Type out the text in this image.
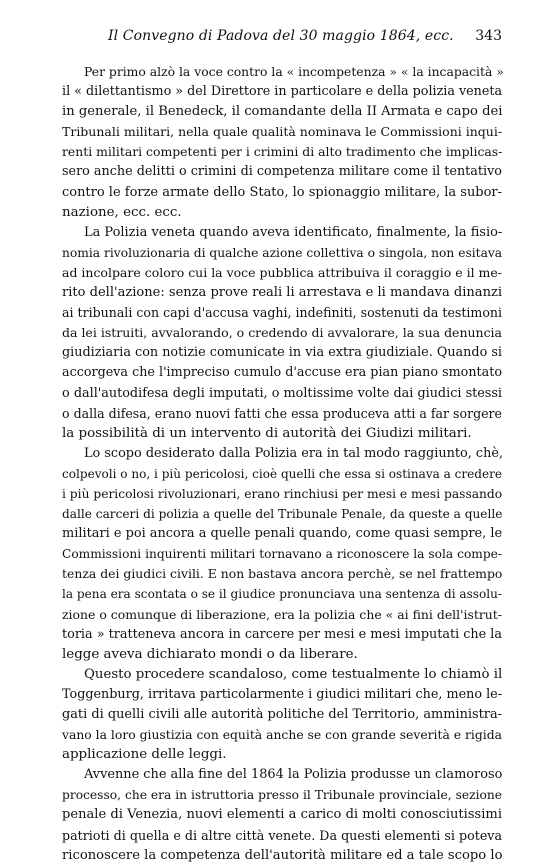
Il Convegno di Padova del 30 maggio 1864, ecc. 343
Per primo alzò la voce contro la « incompetenza » « la incapacità »
il « dilettantismo » del Direttore in particolare e della polizia veneta
in generale, il Benedeck, il comandante della II Armata e capo dei
Tribunali militari, nella quale qualità nominava le Commissioni inqui-
renti militari competenti per i crimini di alto tradimento che implicas-
sero anche delitti o crimini di competenza militare come il tentativo
contro le forze armate dello Stato, lo spionaggio militare, la subor-
nazione, ecc. ecc.
La Polizia veneta quando aveva identificato, finalmente, la fisio-
nomia rivoluzionaria di qualche azione collettiva o singola, non esitava
ad incolpare coloro cui la voce pubblica attribuiva il coraggio e il me-
rito dell'azione: senza prove reali li arrestava e li mandava dinanzi
ai tribunali con capi d'accusa vaghi, indefiniti, sostenuti da testimoni
da lei istruiti, avvalorando, o credendo di avvalorare, la sua denuncia
giudiziaria con notizie comunicate in via extra giudiziale. Quando si
accorgeva che l'impreciso cumulo d'accuse era pian piano smontato
o dall'autodifesa degli imputati, o moltissime volte dai giudici stessi
o dalla difesa, erano nuovi fatti che essa produceva atti a far sorgere
la possibilità di un intervento di autorità dei Giudizi militari.
Lo scopo desiderato dalla Polizia era in tal modo raggiunto, chè,
colpevoli o no, i più pericolosi, cioè quelli che essa si ostinava a credere
i più pericolosi rivoluzionari, erano rinchiusi per mesi e mesi passando
dalle carceri di polizia a quelle del Tribunale Penale, da queste a quelle
militari e poi ancora a quelle penali quando, come quasi sempre, le
Commissioni inquirenti militari tornavano a riconoscere la sola compe-
tenza dei giudici civili. E non bastava ancora perchè, se nel frattempo
la pena era scontata o se il giudice pronunciava una sentenza di assolu-
zione o comunque di liberazione, era la polizia che « ai fini dell'istrut-
toria » tratteneva ancora in carcere per mesi e mesi imputati che la
legge aveva dichiarato mondi o da liberare.
Questo procedere scandaloso, come testualmente lo chiamò il
Toggenburg, irritava particolarmente i giudici militari che, meno le-
gati di quelli civili alle autorità politiche del Territorio, amministra-
vano la loro giustizia con equità anche se con grande severità e rigida
applicazione delle leggi.
Avvenne che alla fine del 1864 la Polizia produsse un clamoroso
processo, che era in istruttoria presso il Tribunale provinciale, sezione
penale di Venezia, nuovi elementi a carico di molti conosciutissimi
patrioti di quella e di altre città venete. Da questi elementi si poteva
riconoscere la competenza dell'autorità militare ed a tale scopo lo
